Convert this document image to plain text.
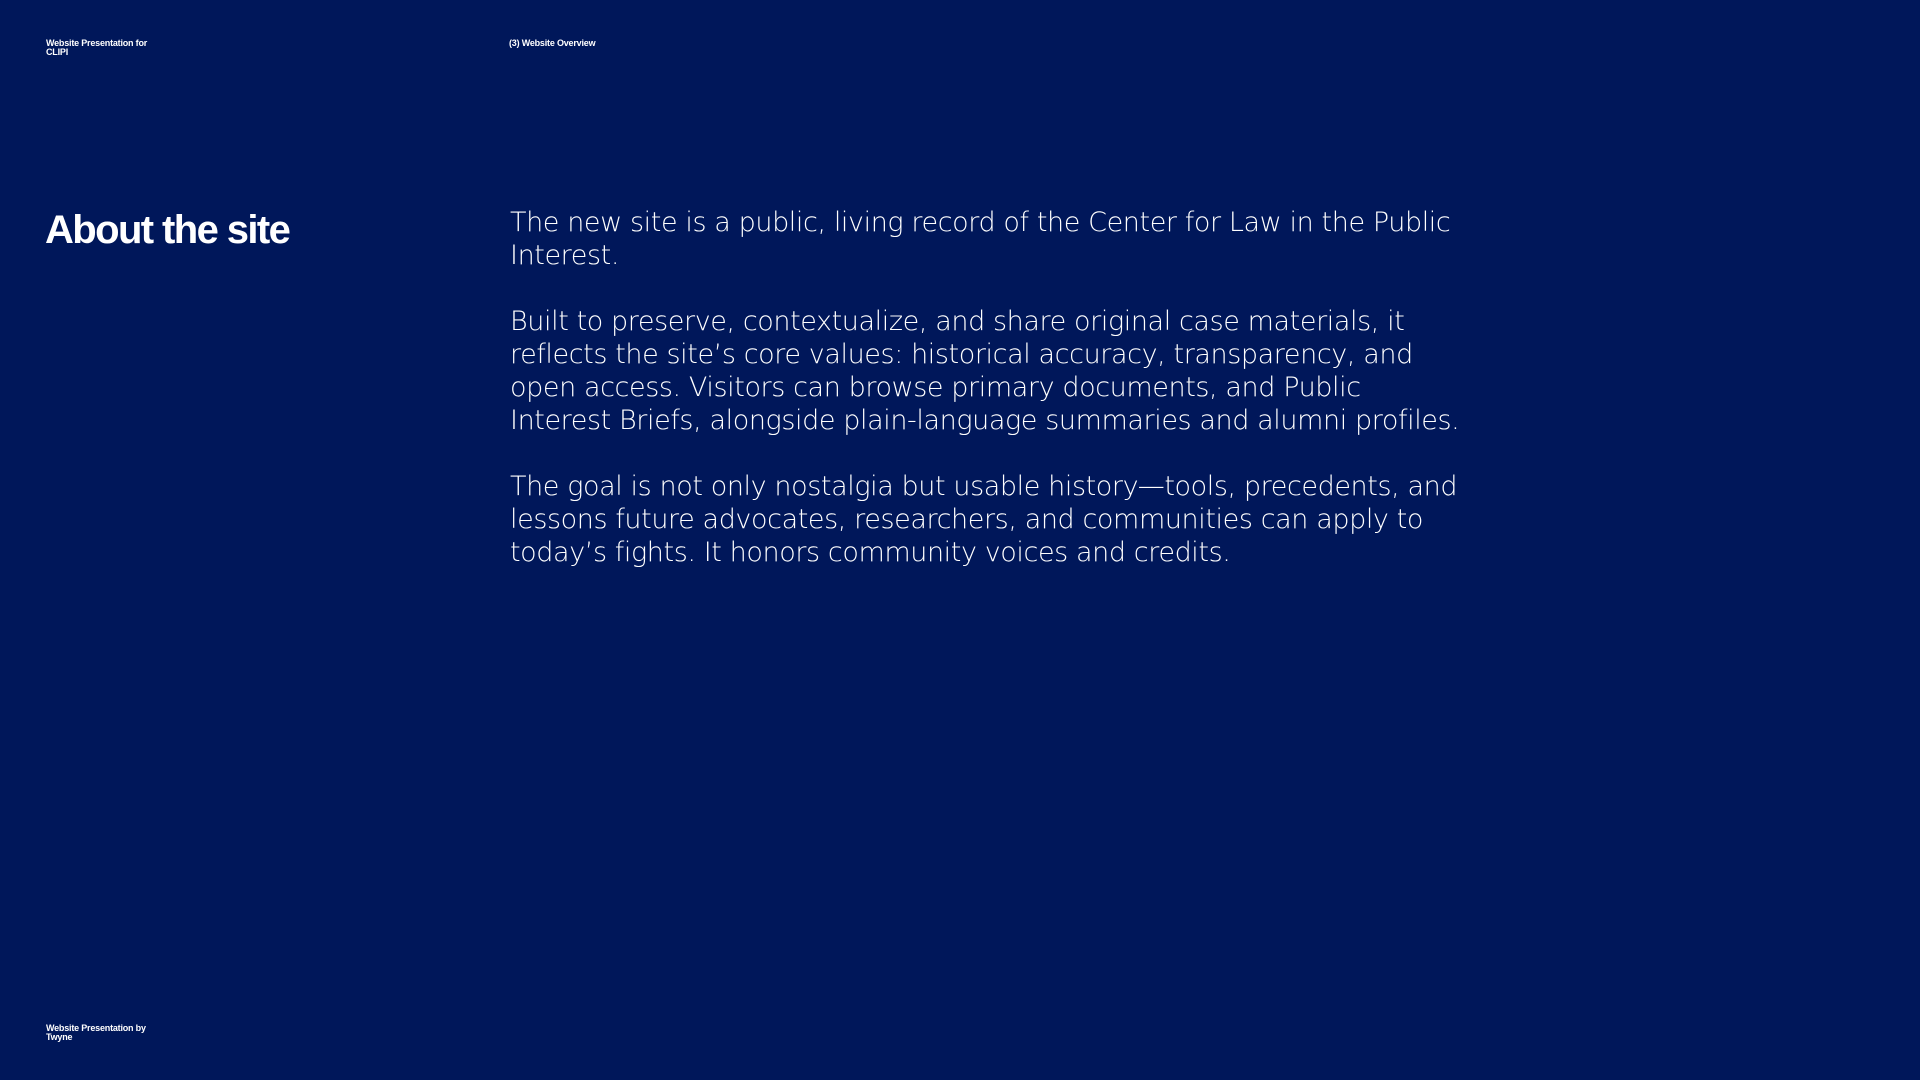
Website Presentation for
CLIPI
(3) Website Overview
About the site	The new site is a public, living record of the Center for Law in the Public Interest.

Built to preserve, contextualize, and share original case materials, it reflects the site’s core values: historical accuracy, transparency, and open access. Visitors can browse primary documents, and Public Interest Briefs, alongside plain-language summaries and alumni profiles.

The goal is not only nostalgia but usable history—tools, precedents, and lessons future advocates, researchers, and communities can apply to today’s fights. It honors community voices and credits.

Website Presentation by
Twyne
